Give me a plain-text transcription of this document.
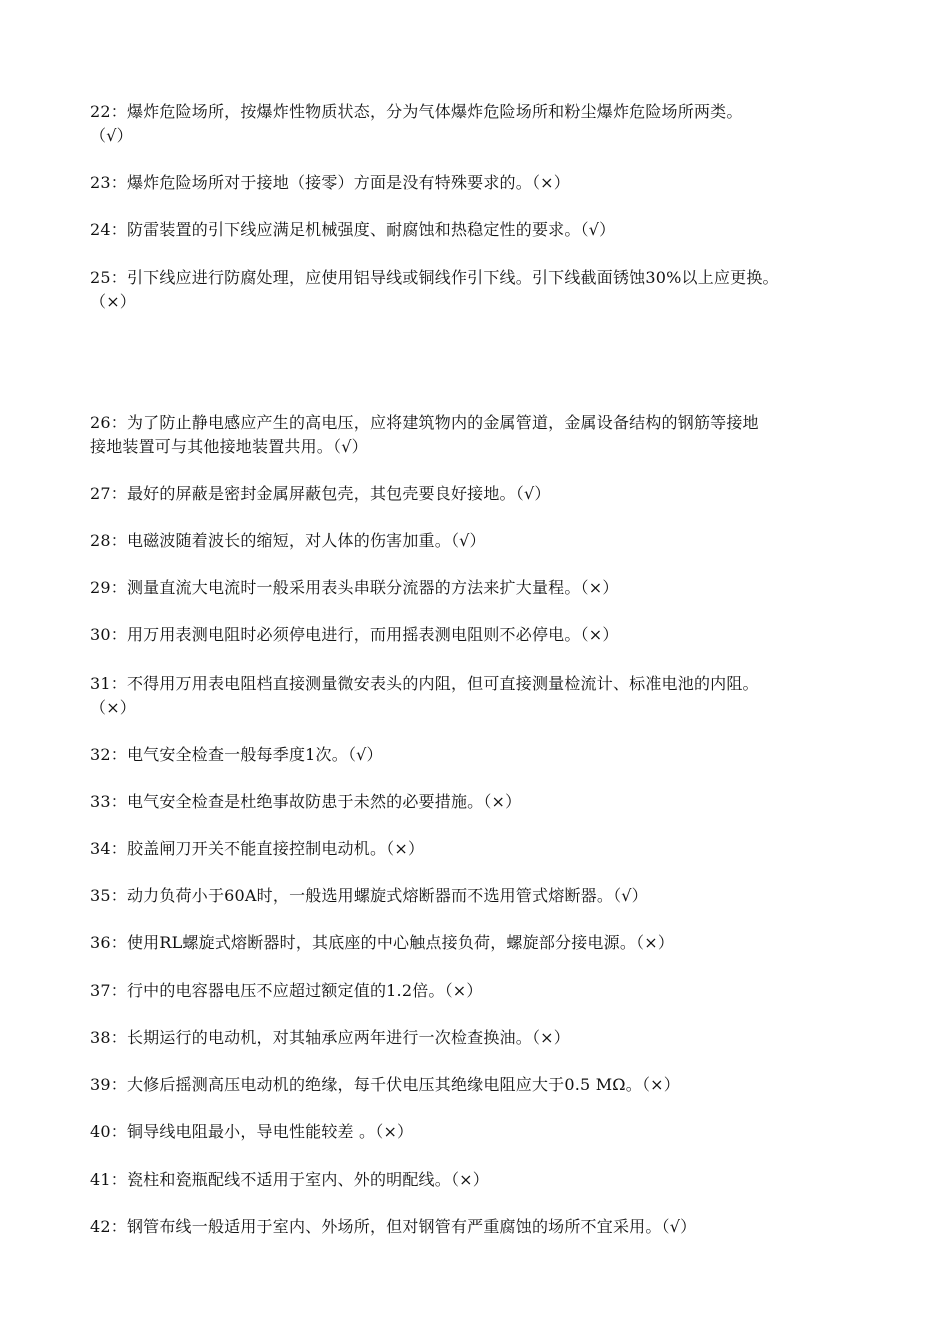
22：爆炸危险场所，按爆炸性物质状态，分为气体爆炸危险场所和粉尘爆炸危险场所两类。
（√）
23：爆炸危险场所对于接地（接零）方面是没有特殊要求的。（×）
24：防雷装置的引下线应满足机械强度、耐腐蚀和热稳定性的要求。（√）
25：引下线应进行防腐处理，应使用铝导线或铜线作引下线。引下线截面锈蚀30%以上应更换。
（×）
26：为了防止静电感应产生的高电压，应将建筑物内的金属管道，金属设备结构的钢筋等接地
接地装置可与其他接地装置共用。（√）
27：最好的屏蔽是密封金属屏蔽包壳，其包壳要良好接地。（√）
28：电磁波随着波长的缩短，对人体的伤害加重。（√）
29：测量直流大电流时一般采用表头串联分流器的方法来扩大量程。（×）
30：用万用表测电阻时必须停电进行，而用摇表测电阻则不必停电。（×）
31：不得用万用表电阻档直接测量微安表头的内阻，但可直接测量检流计、标准电池的内阻。
（×）
32：电气安全检查一般每季度1次。（√）
33：电气安全检查是杜绝事故防患于未然的必要措施。（×）
34：胶盖闸刀开关不能直接控制电动机。（×）
35：动力负荷小于60A时，一般选用螺旋式熔断器而不选用管式熔断器。（√）
36：使用RL螺旋式熔断器时，其底座的中心触点接负荷，螺旋部分接电源。（×）
37：行中的电容器电压不应超过额定值的1.2倍。（×）
38：长期运行的电动机，对其轴承应两年进行一次检查换油。（×）
39：大修后摇测高压电动机的绝缘，每千伏电压其绝缘电阻应大于0.5 MΩ。（×）
40：铜导线电阻最小，导电性能较差 。（×）
41：瓷柱和瓷瓶配线不适用于室内、外的明配线。（×）
42：钢管布线一般适用于室内、外场所，但对钢管有严重腐蚀的场所不宜采用。（√）
